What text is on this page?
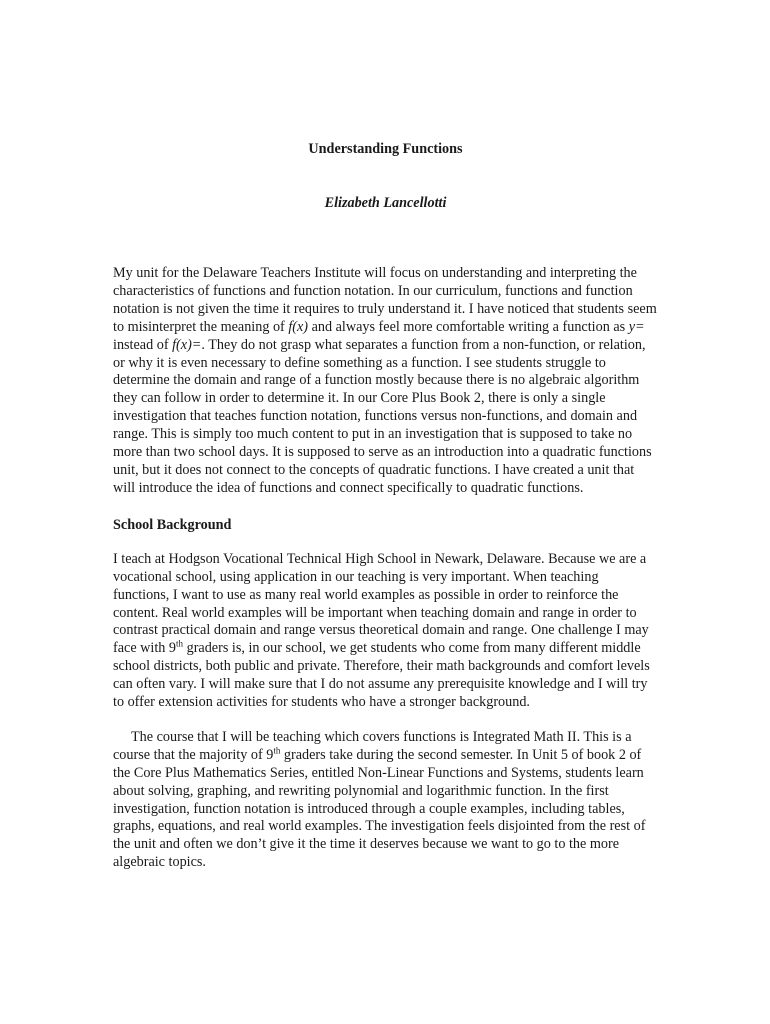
Understanding Functions

Elizabeth Lancellotti

My unit for the Delaware Teachers Institute will focus on understanding and interpreting the characteristics of functions and function notation. In our curriculum, functions and function notation is not given the time it requires to truly understand it. I have noticed that students seem to misinterpret the meaning of f(x) and always feel more comfortable writing a function as y= instead of f(x)=. They do not grasp what separates a function from a non-function, or relation, or why it is even necessary to define something as a function. I see students struggle to determine the domain and range of a function mostly because there is no algebraic algorithm they can follow in order to determine it. In our Core Plus Book 2, there is only a single investigation that teaches function notation, functions versus non-functions, and domain and range. This is simply too much content to put in an investigation that is supposed to take no more than two school days. It is supposed to serve as an introduction into a quadratic functions unit, but it does not connect to the concepts of quadratic functions. I have created a unit that will introduce the idea of functions and connect specifically to quadratic functions.

School Background

I teach at Hodgson Vocational Technical High School in Newark, Delaware. Because we are a vocational school, using application in our teaching is very important. When teaching functions, I want to use as many real world examples as possible in order to reinforce the content. Real world examples will be important when teaching domain and range in order to contrast practical domain and range versus theoretical domain and range. One challenge I may face with 9th graders is, in our school, we get students who come from many different middle school districts, both public and private. Therefore, their math backgrounds and comfort levels can often vary. I will make sure that I do not assume any prerequisite knowledge and I will try to offer extension activities for students who have a stronger background.

The course that I will be teaching which covers functions is Integrated Math II. This is a course that the majority of 9th graders take during the second semester. In Unit 5 of book 2 of the Core Plus Mathematics Series, entitled Non-Linear Functions and Systems, students learn about solving, graphing, and rewriting polynomial and logarithmic function. In the first investigation, function notation is introduced through a couple examples, including tables, graphs, equations, and real world examples. The investigation feels disjointed from the rest of the unit and often we don’t give it the time it deserves because we want to go to the more algebraic topics.
